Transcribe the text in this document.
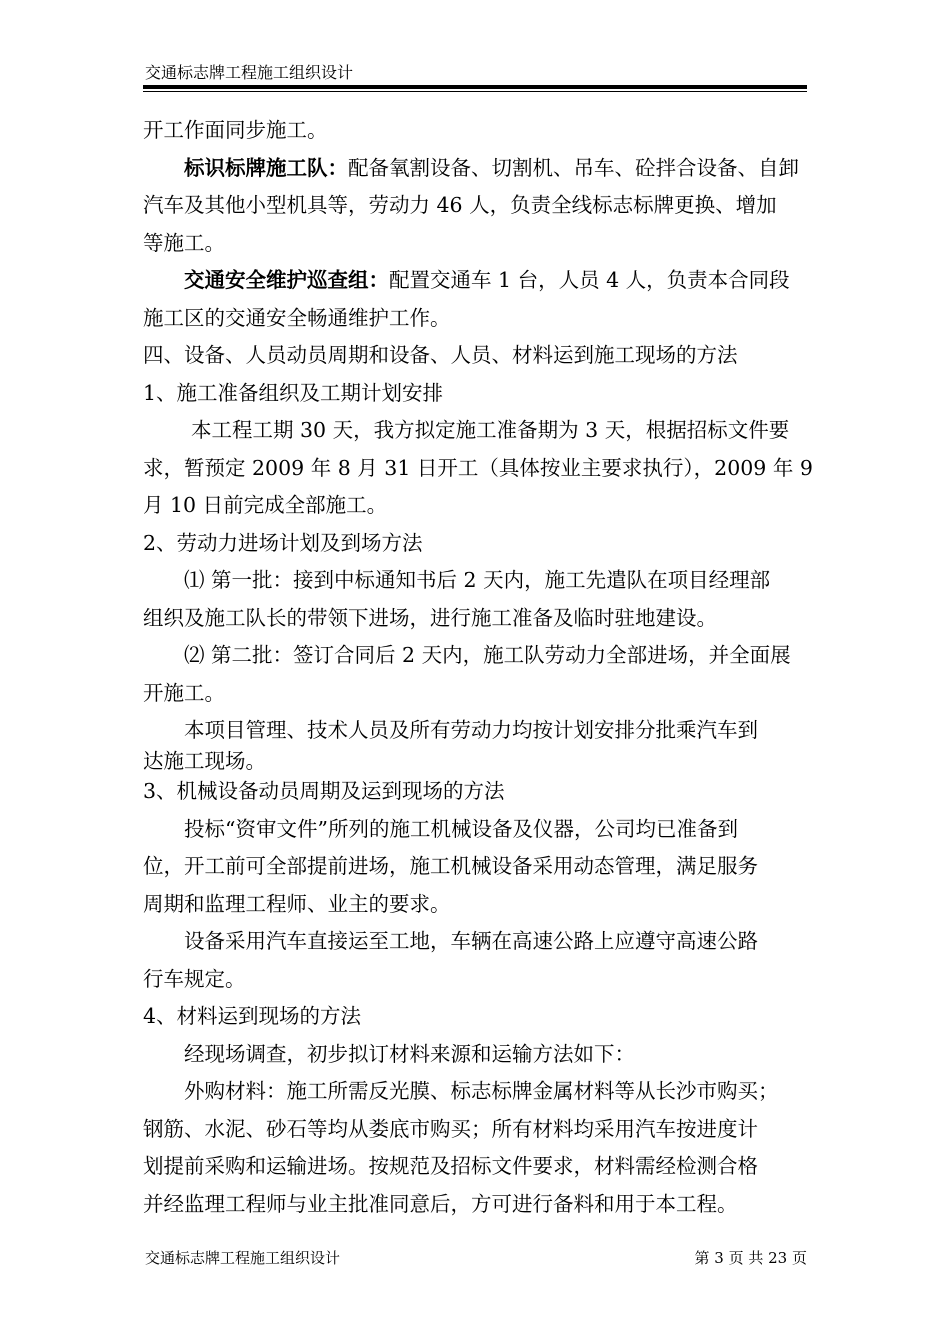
交通标志牌工程施工组织设计

开工作面同步施工。

标识标牌施工队：配备氧割设备、切割机、吊车、砼拌合设备、自卸

汽车及其他小型机具等，劳动力 46 人，负责全线标志标牌更换、增加

等施工。

交通安全维护巡查组：配置交通车 1 台，人员 4 人，负责本合同段

施工区的交通安全畅通维护工作。

四、设备、人员动员周期和设备、人员、材料运到施工现场的方法

1、施工准备组织及工期计划安排

本工程工期 30 天，我方拟定施工准备期为 3 天，根据招标文件要

求，暂预定 2009 年 8 月 31 日开工（具体按业主要求执行），2009 年 9

月 10 日前完成全部施工。

2、劳动力进场计划及到场方法

⑴ 第一批：接到中标通知书后 2 天内，施工先遣队在项目经理部

组织及施工队长的带领下进场，进行施工准备及临时驻地建设。

⑵ 第二批：签订合同后 2 天内，施工队劳动力全部进场，并全面展

开施工。

本项目管理、技术人员及所有劳动力均按计划安排分批乘汽车到

达施工现场。

3、机械设备动员周期及运到现场的方法

投标“资审文件”所列的施工机械设备及仪器，公司均已准备到

位，开工前可全部提前进场，施工机械设备采用动态管理，满足服务

周期和监理工程师、业主的要求。

设备采用汽车直接运至工地，车辆在高速公路上应遵守高速公路

行车规定。

4、材料运到现场的方法

经现场调查，初步拟订材料来源和运输方法如下：

外购材料：施工所需反光膜、标志标牌金属材料等从长沙市购买；

钢筋、水泥、砂石等均从娄底市购买；所有材料均采用汽车按进度计

划提前采购和运输进场。按规范及招标文件要求，材料需经检测合格

并经监理工程师与业主批准同意后，方可进行备料和用于本工程。

交通标志牌工程施工组织设计	第 3 页 共 23 页
